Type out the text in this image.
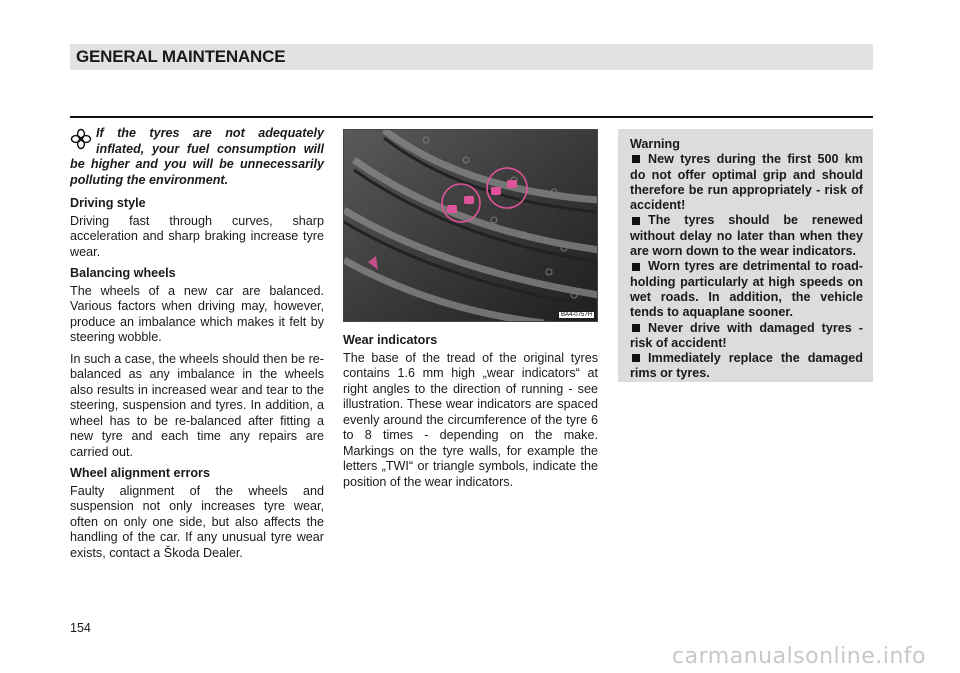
GENERAL MAINTENANCE

If the tyres are not adequately inflated, your fuel consumption will be higher and you will be unnecessarily polluting the environment.

Driving style

Driving fast through curves, sharp acceleration and sharp braking increase tyre wear.

Balancing wheels

The wheels of a new car are balanced. Various factors when driving may, however, produce an imbalance which makes it felt by steering wobble.

In such a case, the wheels should then be re-balanced as any imbalance in the wheels also results in increased wear and tear to the steering, suspension and tyres. In addition, a wheel has to be re-balanced after fitting a new tyre and each time any repairs are carried out.

Wheel alignment errors

Faulty alignment of the wheels and suspension not only increases tyre wear, often on only one side, but also affects the handling of the car. If any unusual tyre wear exists, contact a Škoda Dealer.

BA4-0757H
Wear indicators

The base of the tread of the original tyres contains 1.6 mm high „wear indicators“ at right angles to the direction of running - see illustration. These wear indicators are spaced evenly around the circumference of the tyre 6 to 8 times - depending on the make. Markings on the tyre walls, for example the letters „TWI“ or triangle symbols, indicate the position of the wear indicators.

Warning

New tyres during the first 500 km do not offer optimal grip and should therefore be run appropriately - risk of accident!

The tyres should be renewed without delay no later than when they are worn down to the wear indicators.

Worn tyres are detrimental to road-holding particularly at high speeds on wet roads. In addition, the vehicle tends to aquaplane sooner.

Never drive with damaged tyres - risk of accident!

Immediately replace the damaged rims or tyres.

154
carmanualsonline.info
